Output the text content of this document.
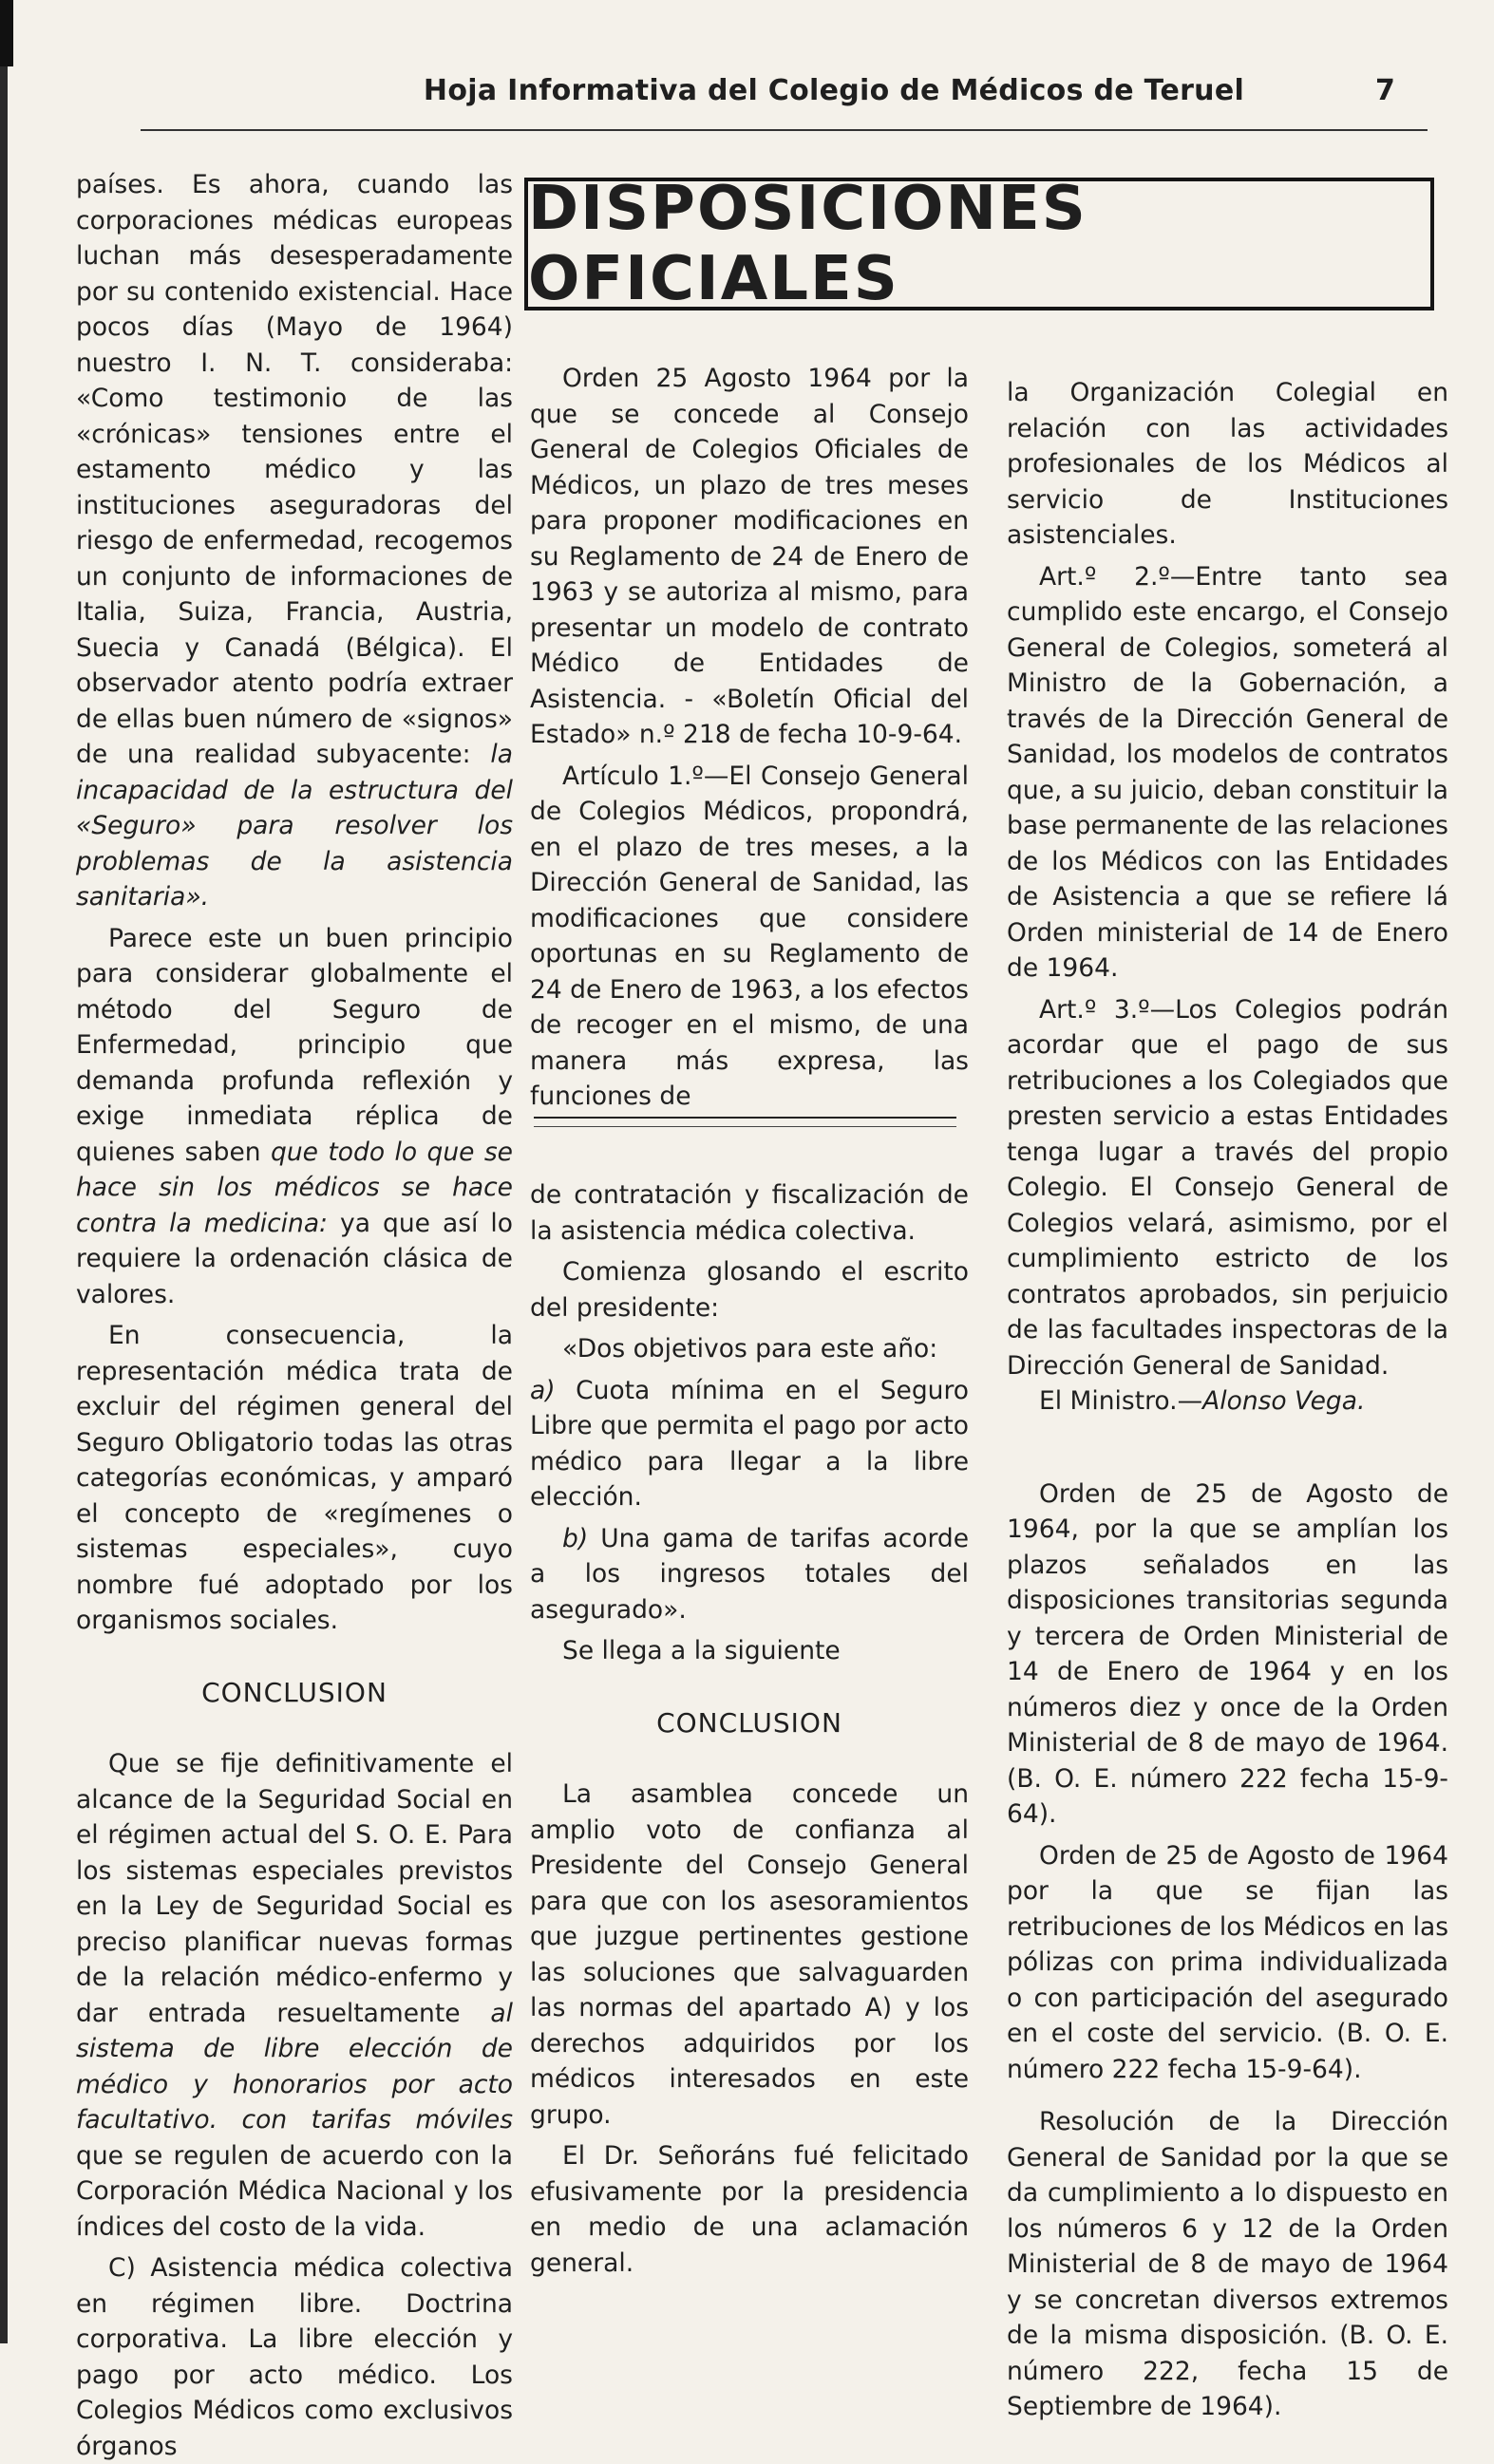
Hoja Informativa del Colegio de Médicos de Teruel	7

países. Es ahora, cuando las corporaciones médicas europeas luchan más desesperadamente por su contenido existencial. Hace pocos días (Mayo de 1964) nuestro I. N. T. consideraba: «Como testimonio de las «crónicas» tensiones entre el estamento médico y las instituciones aseguradoras del riesgo de enfermedad, recogemos un conjunto de informaciones de Italia, Suiza, Francia, Austria, Suecia y Canadá (Bélgica). El observador atento podría extraer de ellas buen número de «signos» de una realidad subyacente: la incapacidad de la estructura del «Seguro» para resolver los problemas de la asistencia sanitaria».

Parece este un buen principio para considerar globalmente el método del Seguro de Enfermedad, principio que demanda profunda reflexión y exige inmediata réplica de quienes saben que todo lo que se hace sin los médicos se hace contra la medicina: ya que así lo requiere la ordenación clásica de valores.

En consecuencia, la representación médica trata de excluir del régimen general del Seguro Obligatorio todas las otras categorías económicas, y amparó el concepto de «regímenes o sistemas especiales», cuyo nombre fué adoptado por los organismos sociales.

CONCLUSION

Que se fije definitivamente el alcance de la Seguridad Social en el régimen actual del S. O. E. Para los sistemas especiales previstos en la Ley de Seguridad Social es preciso planificar nuevas formas de la relación médico-enfermo y dar entrada resueltamente al sistema de libre elección de médico y honorarios por acto facultativo. con tarifas móviles que se regulen de acuerdo con la Corporación Médica Nacional y los índices del costo de la vida.

C) Asistencia médica colectiva en régimen libre. Doctrina corporativa. La libre elección y pago por acto médico. Los Colegios Médicos como exclusivos órganos

DISPOSICIONES OFICIALES

Orden 25 Agosto 1964 por la que se concede al Consejo General de Colegios Oficiales de Médicos, un plazo de tres meses para proponer modificaciones en su Reglamento de 24 de Enero de 1963 y se autoriza al mismo, para presentar un modelo de contrato Médico de Entidades de Asistencia. - «Boletín Oficial del Estado» n.º 218 de fecha 10-9-64.

Artículo 1.º—El Consejo General de Colegios Médicos, propondrá, en el plazo de tres meses, a la Dirección General de Sanidad, las modificaciones que considere oportunas en su Reglamento de 24 de Enero de 1963, a los efectos de recoger en el mismo, de una manera más expresa, las funciones de

de contratación y fiscalización de la asistencia médica colectiva.

Comienza glosando el escrito del presidente:

«Dos objetivos para este año:

a) Cuota mínima en el Seguro Libre que permita el pago por acto médico para llegar a la libre elección.

b) Una gama de tarifas acorde a los ingresos totales del asegurado».

Se llega a la siguiente

CONCLUSION

La asamblea concede un amplio voto de confianza al Presidente del Consejo General para que con los asesoramientos que juzgue pertinentes gestione las soluciones que salvaguarden las normas del apartado A) y los derechos adquiridos por los médicos interesados en este grupo.

El Dr. Señoráns fué felicitado efusivamente por la presidencia en medio de una aclamación general.

la Organización Colegial en relación con las actividades profesionales de los Médicos al servicio de Instituciones asistenciales.

Art.º 2.º—Entre tanto sea cumplido este encargo, el Consejo General de Colegios, someterá al Ministro de la Gobernación, a través de la Dirección General de Sanidad, los modelos de contratos que, a su juicio, deban constituir la base permanente de las relaciones de los Médicos con las Entidades de Asistencia a que se refiere lá Orden ministerial de 14 de Enero de 1964.

Art.º 3.º—Los Colegios podrán acordar que el pago de sus retribuciones a los Colegiados que presten servicio a estas Entidades tenga lugar a través del propio Colegio. El Consejo General de Colegios velará, asimismo, por el cumplimiento estricto de los contratos aprobados, sin perjuicio de las facultades inspectoras de la Dirección General de Sanidad.

El Ministro.—Alonso Vega.

Orden de 25 de Agosto de 1964, por la que se amplían los plazos señalados en las disposiciones transitorias segunda y tercera de Orden Ministerial de 14 de Enero de 1964 y en los números diez y once de la Orden Ministerial de 8 de mayo de 1964. (B. O. E. número 222 fecha 15-9-64).

Orden de 25 de Agosto de 1964 por la que se fijan las retribuciones de los Médicos en las pólizas con prima individualizada o con participación del asegurado en el coste del servicio. (B. O. E. número 222 fecha 15-9-64).

Resolución de la Dirección General de Sanidad por la que se da cumplimiento a lo dispuesto en los números 6 y 12 de la Orden Ministerial de 8 de mayo de 1964 y se concretan diversos extremos de la misma disposición. (B. O. E. número 222, fecha 15 de Septiembre de 1964).
